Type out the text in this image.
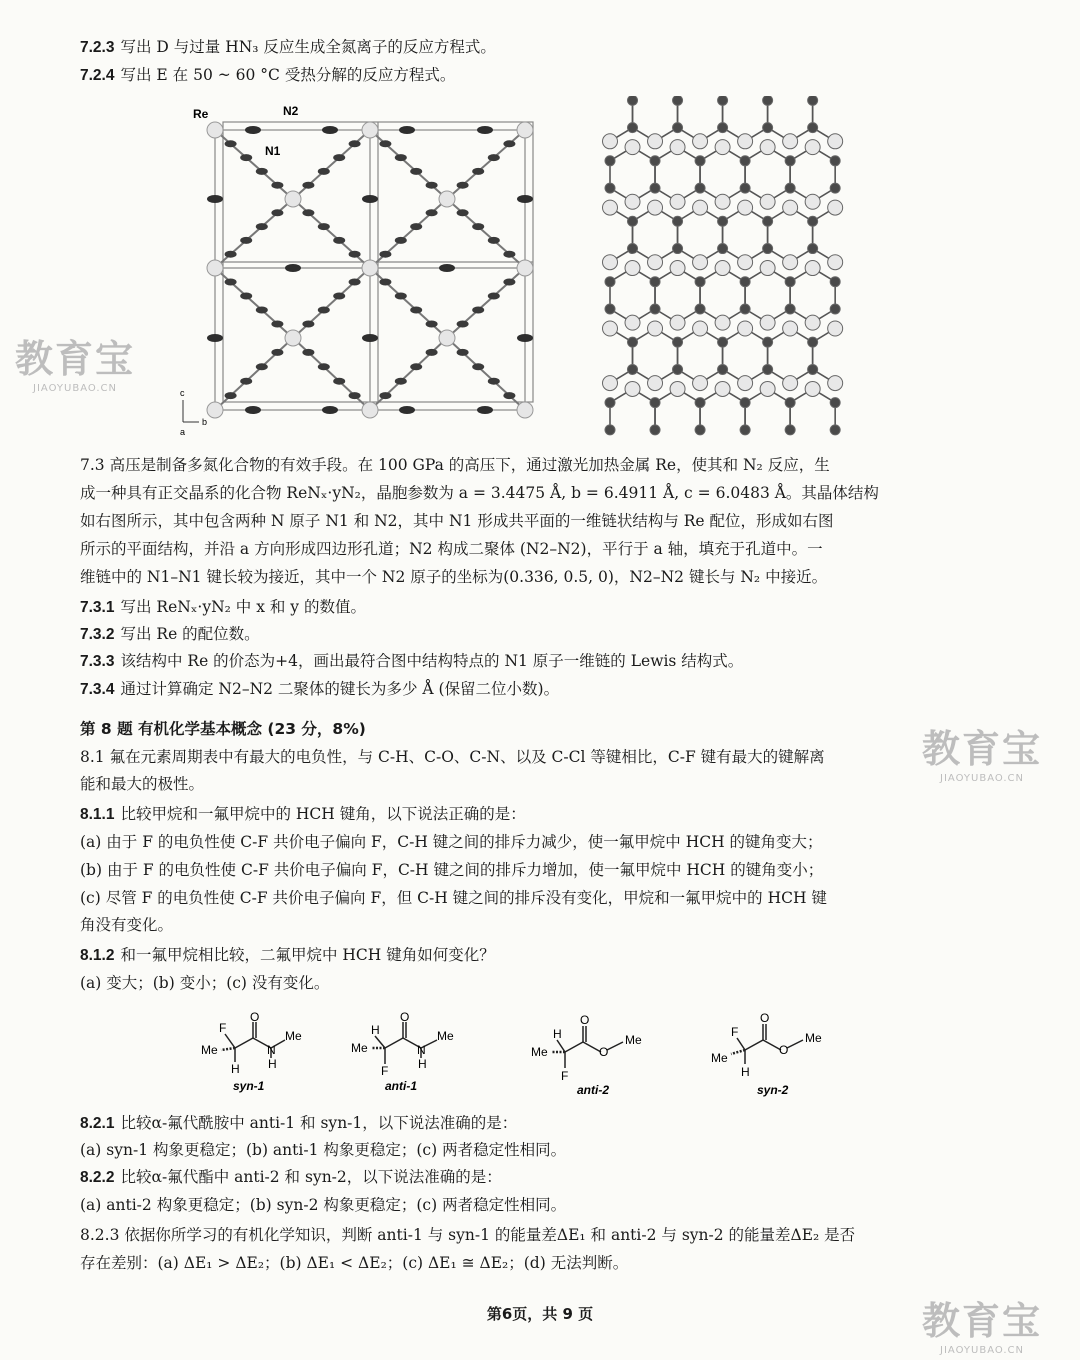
7.2.3 写出 D 与过量 HN₃ 反应生成全氮离子的反应方程式。
7.2.4 写出 E 在 50 ~ 60 °C 受热分解的反应方程式。
Re	N2
N1
c
b
a
教育宝
JIAOYUBAO.CN
教育宝
JIAOYUBAO.CN
教育宝
JIAOYUBAO.CN
7.3 高压是制备多氮化合物的有效手段。在 100 GPa 的高压下，通过激光加热金属 Re，使其和 N₂ 反应，生
成一种具有正交晶系的化合物 ReNₓ·yN₂，晶胞参数为 a = 3.4475 Å, b = 6.4911 Å, c = 6.0483 Å。其晶体结构
如右图所示，其中包含两种 N 原子 N1 和 N2，其中 N1 形成共平面的一维链状结构与 Re 配位，形成如右图
所示的平面结构，并沿 a 方向形成四边形孔道；N2 构成二聚体 (N2–N2)，平行于 a 轴，填充于孔道中。一
维链中的 N1–N1 键长较为接近，其中一个 N2 原子的坐标为(0.336, 0.5, 0)，N2–N2 键长与 N₂ 中接近。
7.3.1 写出 ReNₓ·yN₂ 中 x 和 y 的数值。
7.3.2 写出 Re 的配位数。
7.3.3 该结构中 Re 的价态为+4，画出最符合图中结构特点的 N1 原子一维链的 Lewis 结构式。
7.3.4 通过计算确定 N2–N2 二聚体的键长为多少 Å (保留二位小数)。
第 8 题 有机化学基本概念 (23 分，8%)
8.1 氟在元素周期表中有最大的电负性，与 C-H、C-O、C-N、以及 C-Cl 等键相比，C-F 键有最大的键解离
能和最大的极性。
8.1.1 比较甲烷和一氟甲烷中的 HCH 键角，以下说法正确的是：
(a) 由于 F 的电负性使 C-F 共价电子偏向 F，C-H 键之间的排斥力减少，使一氟甲烷中 HCH 的键角变大；
(b) 由于 F 的电负性使 C-F 共价电子偏向 F，C-H 键之间的排斥力增加，使一氟甲烷中 HCH 的键角变小；
(c) 尽管 F 的电负性使 C-F 共价电子偏向 F，但 C-H 键之间的排斥没有变化，甲烷和一氟甲烷中的 HCH 键
角没有变化。
8.1.2 和一氟甲烷相比较，二氟甲烷中 HCH 键角如何变化？
(a) 变大；(b) 变小；(c) 没有变化。
F
O
Me
H
N
H
Me
syn-1
H
O
Me
F
N
H
Me
anti-1
H
O
O
Me
Me
F
anti-2
F
O
O
Me
Me
H
syn-2
8.2.1 比较α-氟代酰胺中 anti-1 和 syn-1，以下说法准确的是：
(a) syn-1 构象更稳定；(b) anti-1 构象更稳定；(c) 两者稳定性相同。
8.2.2 比较α-氟代酯中 anti-2 和 syn-2，以下说法准确的是：
(a) anti-2 构象更稳定；(b) syn-2 构象更稳定；(c) 两者稳定性相同。
8.2.3 依据你所学习的有机化学知识，判断 anti-1 与 syn-1 的能量差ΔE₁ 和 anti-2 与 syn-2 的能量差ΔE₂ 是否
存在差别：(a) ΔE₁ > ΔE₂；(b) ΔE₁ < ΔE₂；(c) ΔE₁ ≅ ΔE₂；(d) 无法判断。
第6页，共 9 页
